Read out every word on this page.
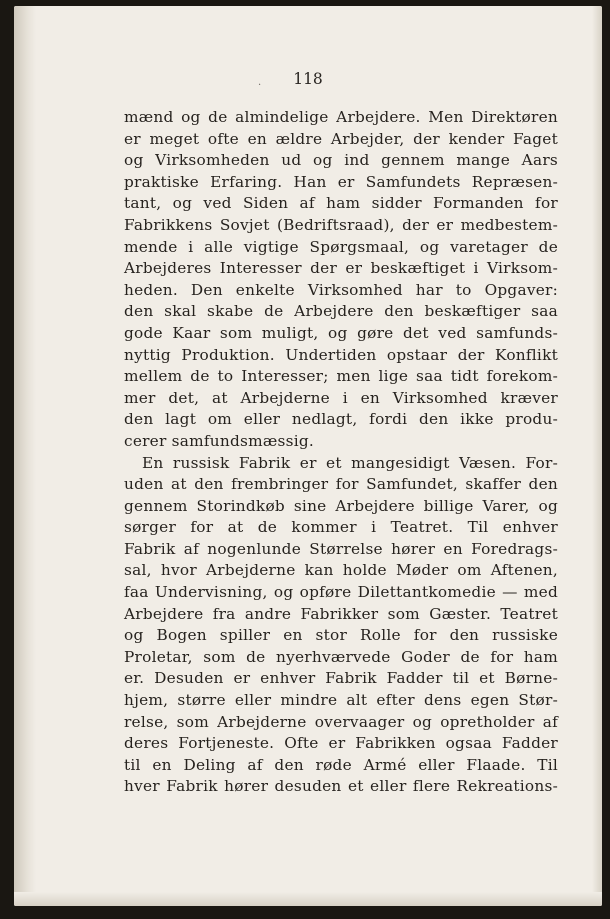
.	118
mænd og de almindelige Arbejdere. Men Direktøren
er meget ofte en ældre Arbejder, der kender Faget
og Virksomheden ud og ind gennem mange Aars
praktiske Erfaring. Han er Samfundets Repræsen-
tant, og ved Siden af ham sidder Formanden for
Fabrikkens Sovjet (Bedriftsraad), der er medbestem-
mende i alle vigtige Spørgsmaal, og varetager de
Arbejderes Interesser der er beskæftiget i Virksom-
heden. Den enkelte Virksomhed har to Opgaver:
den skal skabe de Arbejdere den beskæftiger saa
gode Kaar som muligt, og gøre det ved samfunds-
nyttig Produktion. Undertiden opstaar der Konflikt
mellem de to Interesser; men lige saa tidt forekom-
mer det, at Arbejderne i en Virksomhed kræver
den lagt om eller nedlagt, fordi den ikke produ-
cerer samfundsmæssig.
En russisk Fabrik er et mangesidigt Væsen. For-
uden at den frembringer for Samfundet, skaffer den
gennem Storindkøb sine Arbejdere billige Varer, og
sørger for at de kommer i Teatret. Til enhver
Fabrik af nogenlunde Størrelse hører en Foredrags-
sal, hvor Arbejderne kan holde Møder om Aftenen,
faa Undervisning, og opføre Dilettantkomedie — med
Arbejdere fra andre Fabrikker som Gæster. Teatret
og Bogen spiller en stor Rolle for den russiske
Proletar, som de nyerhværvede Goder de for ham
er. Desuden er enhver Fabrik Fadder til et Børne-
hjem, større eller mindre alt efter dens egen Stør-
relse, som Arbejderne overvaager og opretholder af
deres Fortjeneste. Ofte er Fabrikken ogsaa Fadder
til en Deling af den røde Armé eller Flaade. Til
hver Fabrik hører desuden et eller flere Rekreations-
